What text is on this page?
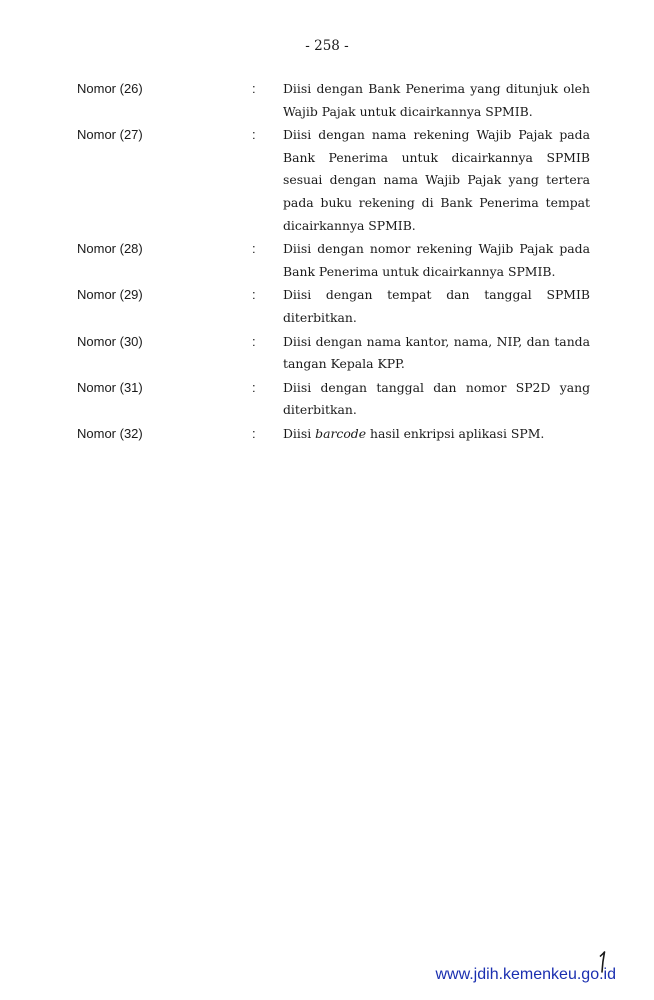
- 258 -
Nomor (26)	: Diisi dengan Bank Penerima yang ditunjuk oleh Wajib Pajak untuk dicairkannya SPMIB.
Nomor (27)	: Diisi dengan nama rekening Wajib Pajak pada Bank Penerima untuk dicairkannya SPMIB sesuai dengan nama Wajib Pajak yang tertera pada buku rekening di Bank Penerima tempat dicairkannya SPMIB.
Nomor (28)	: Diisi dengan nomor rekening Wajib Pajak pada Bank Penerima untuk dicairkannya SPMIB.
Nomor (29)	: Diisi dengan tempat dan tanggal SPMIB diterbitkan.
Nomor (30)	: Diisi dengan nama kantor, nama, NIP, dan tanda tangan Kepala KPP.
Nomor (31)	: Diisi dengan tanggal dan nomor SP2D yang diterbitkan.
Nomor (32)	: Diisi barcode hasil enkripsi aplikasi SPM.
www.jdih.kemenkeu.go.id
